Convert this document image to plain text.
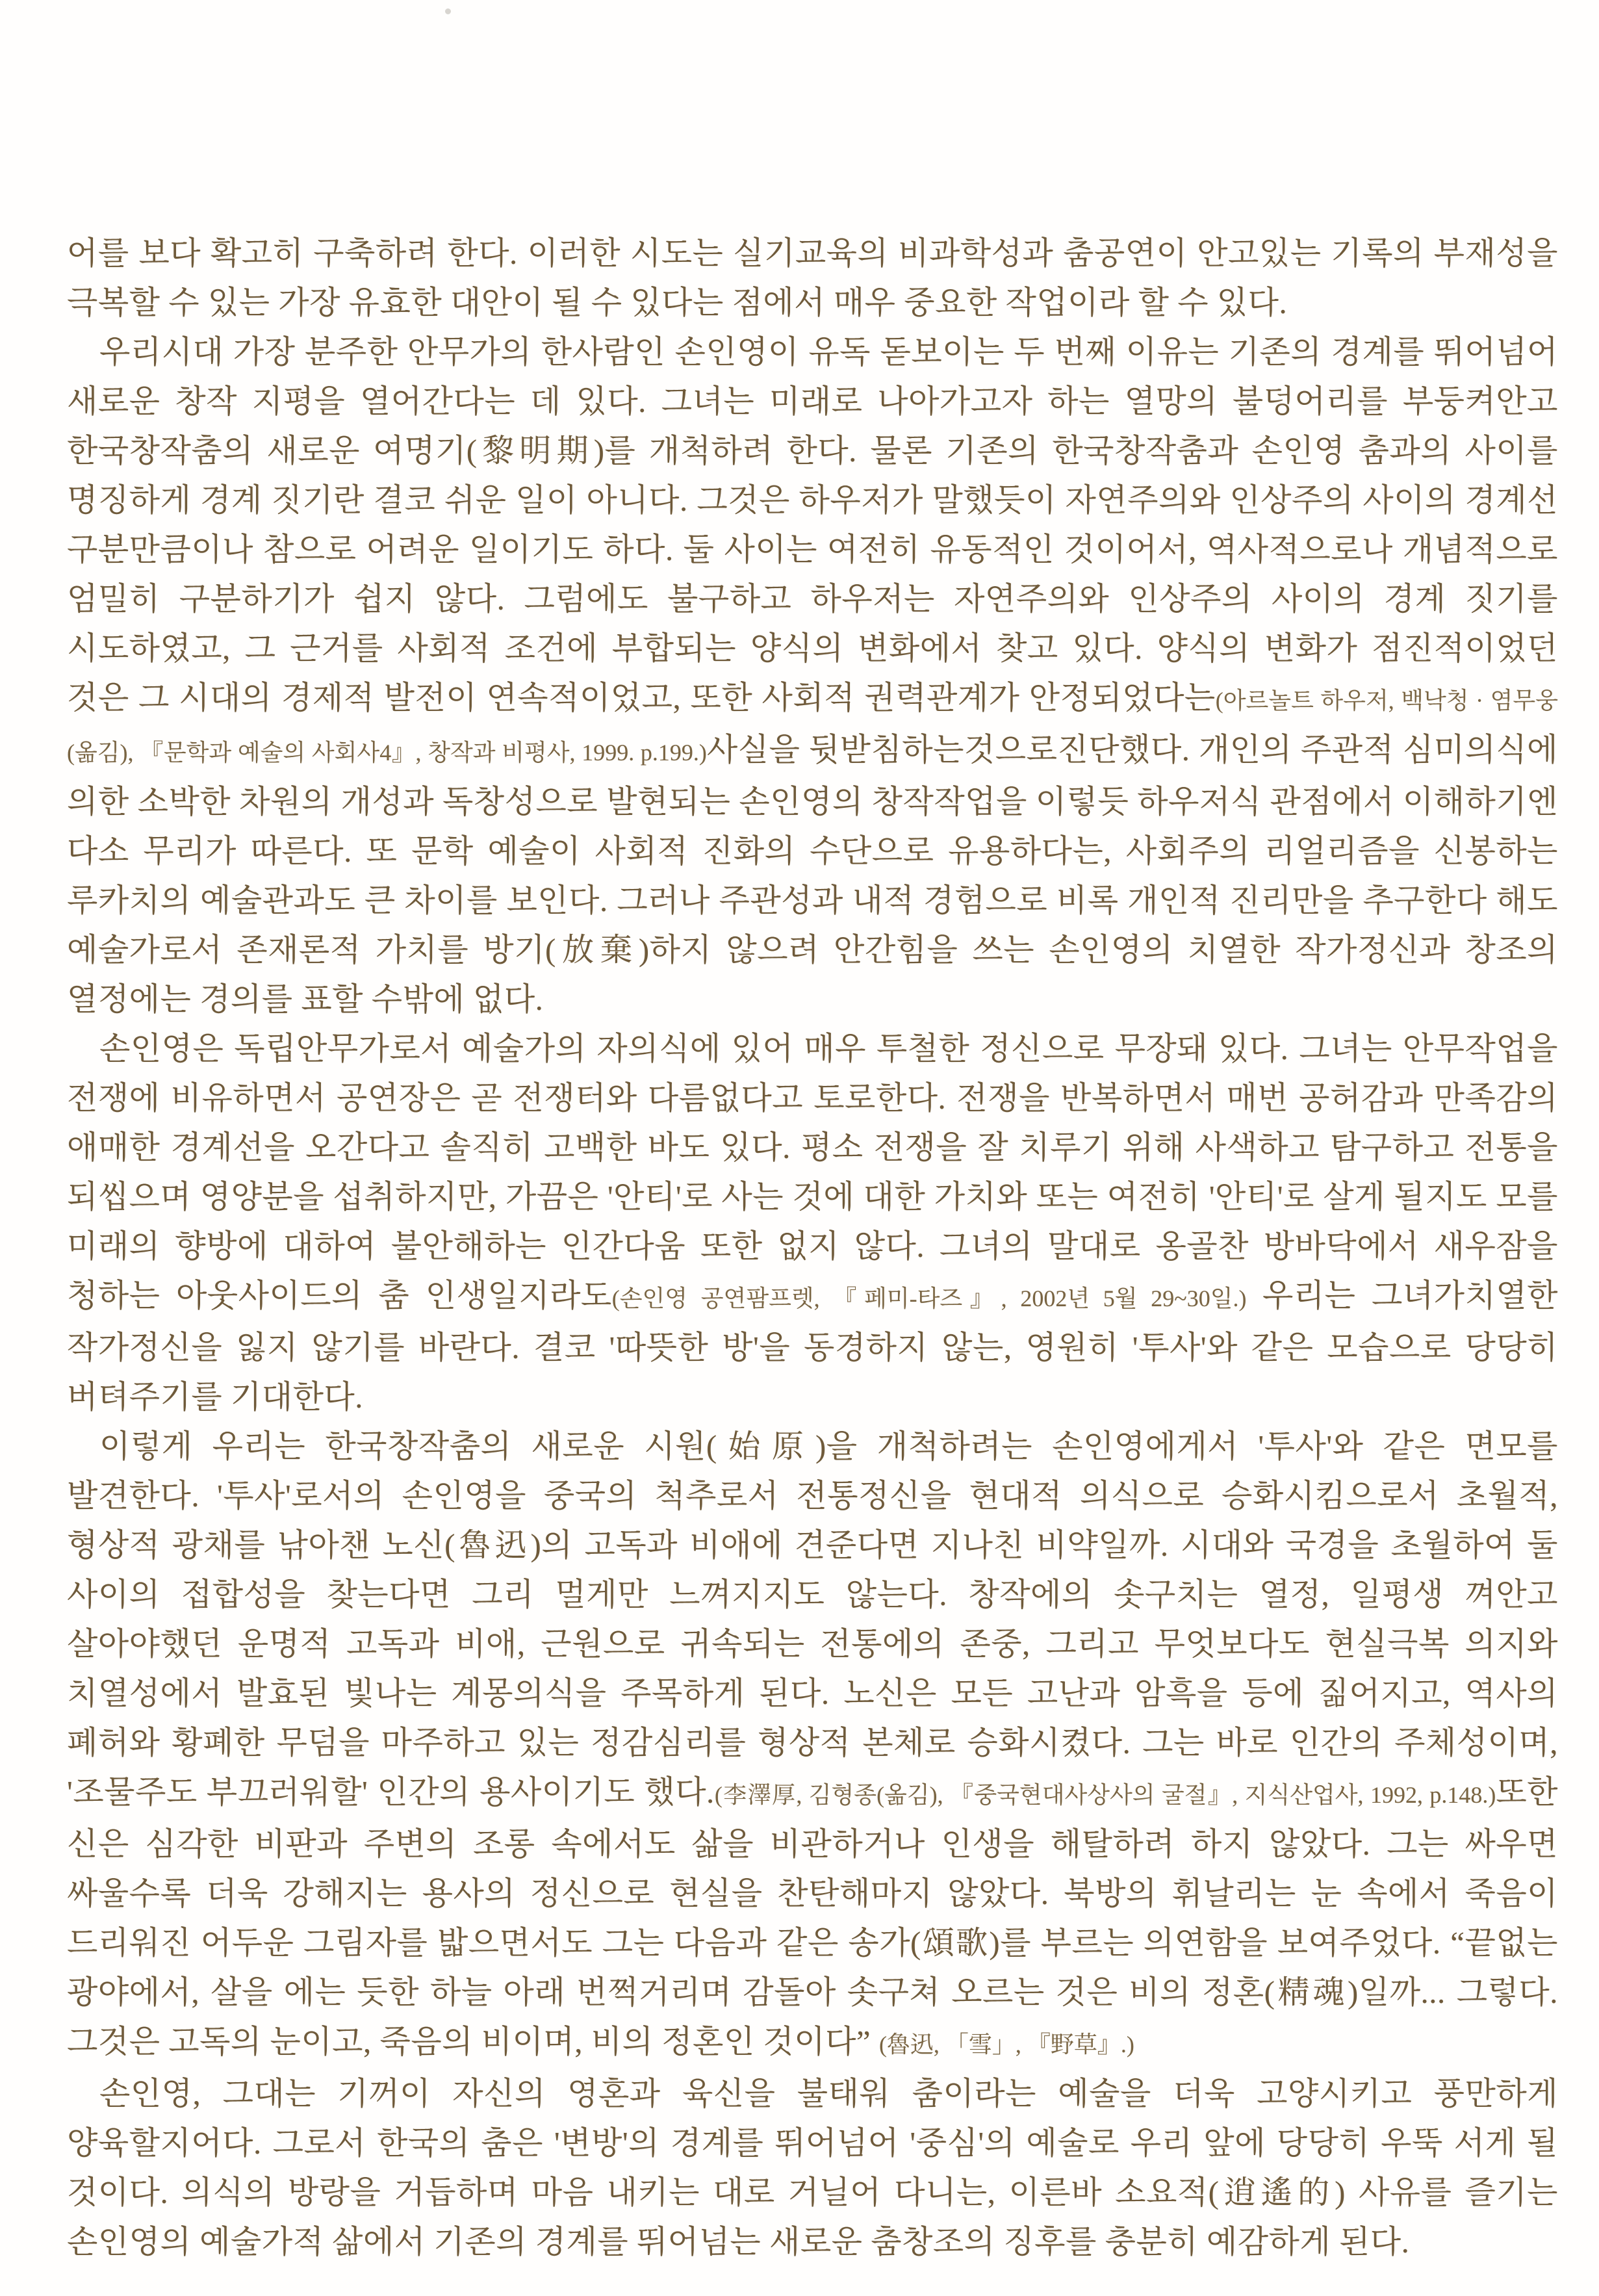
어를 보다 확고히 구축하려 한다. 이러한 시도는 실기교육의 비과학성과 춤공연이 안고있는 기록의 부재성을 극복할 수 있는 가장 유효한 대안이 될 수 있다는 점에서 매우 중요한 작업이라 할 수 있다.

우리시대 가장 분주한 안무가의 한사람인 손인영이 유독 돋보이는 두 번째 이유는 기존의 경계를 뛰어넘어 새로운 창작 지평을 열어간다는 데 있다. 그녀는 미래로 나아가고자 하는 열망의 불덩어리를 부둥켜안고 한국창작춤의 새로운 여명기(黎明期)를 개척하려 한다. 물론 기존의 한국창작춤과 손인영 춤과의 사이를 명징하게 경계 짓기란 결코 쉬운 일이 아니다. 그것은 하우저가 말했듯이 자연주의와 인상주의 사이의 경계선 구분만큼이나 참으로 어려운 일이기도 하다. 둘 사이는 여전히 유동적인 것이어서, 역사적으로나 개념적으로 엄밀히 구분하기가 쉽지 않다. 그럼에도 불구하고 하우저는 자연주의와 인상주의 사이의 경계 짓기를 시도하였고, 그 근거를 사회적 조건에 부합되는 양식의 변화에서 찾고 있다. 양식의 변화가 점진적이었던 것은 그 시대의 경제적 발전이 연속적이었고, 또한 사회적 권력관계가 안정되었다는(아르놀트 하우저, 백낙청 · 염무웅(옮김), 『문학과 예술의 사회사4』, 창작과 비평사, 1999. p.199.)사실을 뒷받침하는것으로진단했다. 개인의 주관적 심미의식에 의한 소박한 차원의 개성과 독창성으로 발현되는 손인영의 창작작업을 이렇듯 하우저식 관점에서 이해하기엔 다소 무리가 따른다. 또 문학 예술이 사회적 진화의 수단으로 유용하다는, 사회주의 리얼리즘을 신봉하는 루카치의 예술관과도 큰 차이를 보인다. 그러나 주관성과 내적 경험으로 비록 개인적 진리만을 추구한다 해도 예술가로서 존재론적 가치를 방기(放棄)하지 않으려 안간힘을 쓰는 손인영의 치열한 작가정신과 창조의 열정에는 경의를 표할 수밖에 없다.

손인영은 독립안무가로서 예술가의 자의식에 있어 매우 투철한 정신으로 무장돼 있다. 그녀는 안무작업을 전쟁에 비유하면서 공연장은 곧 전쟁터와 다름없다고 토로한다. 전쟁을 반복하면서 매번 공허감과 만족감의 애매한 경계선을 오간다고 솔직히 고백한 바도 있다. 평소 전쟁을 잘 치루기 위해 사색하고 탐구하고 전통을 되씹으며 영양분을 섭취하지만, 가끔은 '안티'로 사는 것에 대한 가치와 또는 여전히 '안티'로 살게 될지도 모를 미래의 향방에 대하여 불안해하는 인간다움 또한 없지 않다. 그녀의 말대로 옹골찬 방바닥에서 새우잠을 청하는 아웃사이드의 춤 인생일지라도(손인영 공연팜프렛, 『페미-타즈』, 2002년 5월 29~30일.) 우리는 그녀가치열한 작가정신을 잃지 않기를 바란다. 결코 '따뜻한 방'을 동경하지 않는, 영원히 '투사'와 같은 모습으로 당당히 버텨주기를 기대한다.

이렇게 우리는 한국창작춤의 새로운 시원(始原)을 개척하려는 손인영에게서 '투사'와 같은 면모를 발견한다. '투사'로서의 손인영을 중국의 척추로서 전통정신을 현대적 의식으로 승화시킴으로서 초월적, 형상적 광채를 낚아챈 노신(魯迅)의 고독과 비애에 견준다면 지나친 비약일까. 시대와 국경을 초월하여 둘 사이의 접합성을 찾는다면 그리 멀게만 느껴지지도 않는다. 창작에의 솟구치는 열정, 일평생 껴안고 살아야했던 운명적 고독과 비애, 근원으로 귀속되는 전통에의 존중, 그리고 무엇보다도 현실극복 의지와 치열성에서 발효된 빛나는 계몽의식을 주목하게 된다. 노신은 모든 고난과 암흑을 등에 짊어지고, 역사의 폐허와 황폐한 무덤을 마주하고 있는 정감심리를 형상적 본체로 승화시켰다. 그는 바로 인간의 주체성이며, '조물주도 부끄러워할' 인간의 용사이기도 했다.(李澤厚, 김형종(옮김), 『중국현대사상사의 굴절』, 지식산업사, 1992, p.148.)또한 신은 심각한 비판과 주변의 조롱 속에서도 삶을 비관하거나 인생을 해탈하려 하지 않았다. 그는 싸우면 싸울수록 더욱 강해지는 용사의 정신으로 현실을 찬탄해마지 않았다. 북방의 휘날리는 눈 속에서 죽음이 드리워진 어두운 그림자를 밟으면서도 그는 다음과 같은 송가(頌歌)를 부르는 의연함을 보여주었다. “끝없는 광야에서, 살을 에는 듯한 하늘 아래 번쩍거리며 감돌아 솟구쳐 오르는 것은 비의 정혼(精魂)일까... 그렇다. 그것은 고독의 눈이고, 죽음의 비이며, 비의 정혼인 것이다” (魯迅, 「雪」, 『野草』.)

손인영, 그대는 기꺼이 자신의 영혼과 육신을 불태워 춤이라는 예술을 더욱 고양시키고 풍만하게 양육할지어다. 그로서 한국의 춤은 '변방'의 경계를 뛰어넘어 '중심'의 예술로 우리 앞에 당당히 우뚝 서게 될 것이다. 의식의 방랑을 거듭하며 마음 내키는 대로 거닐어 다니는, 이른바 소요적(逍遙的) 사유를 즐기는 손인영의 예술가적 삶에서 기존의 경계를 뛰어넘는 새로운 춤창조의 징후를 충분히 예감하게 된다.
